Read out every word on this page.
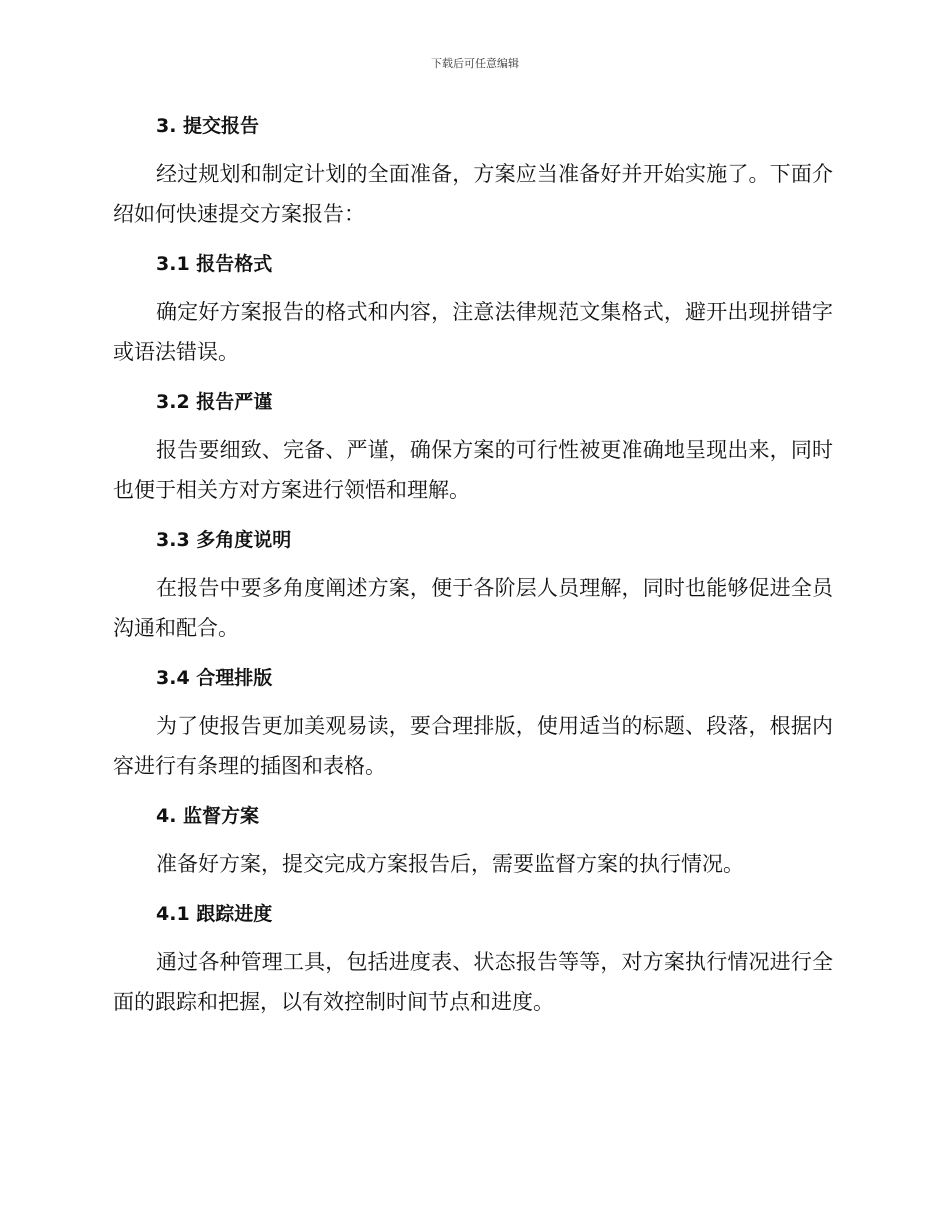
下载后可任意编辑
3. 提交报告

经过规划和制定计划的全面准备，方案应当准备好并开始实施了。下面介绍如何快速提交方案报告：

3.1 报告格式

确定好方案报告的格式和内容，注意法律规范文集格式，避开出现拼错字或语法错误。

3.2 报告严谨

报告要细致、完备、严谨，确保方案的可行性被更准确地呈现出来，同时也便于相关方对方案进行领悟和理解。

3.3 多角度说明

在报告中要多角度阐述方案，便于各阶层人员理解，同时也能够促进全员沟通和配合。

3.4 合理排版

为了使报告更加美观易读，要合理排版，使用适当的标题、段落，根据内容进行有条理的插图和表格。

4. 监督方案

准备好方案，提交完成方案报告后，需要监督方案的执行情况。

4.1 跟踪进度

通过各种管理工具，包括进度表、状态报告等等，对方案执行情况进行全面的跟踪和把握，以有效控制时间节点和进度。
